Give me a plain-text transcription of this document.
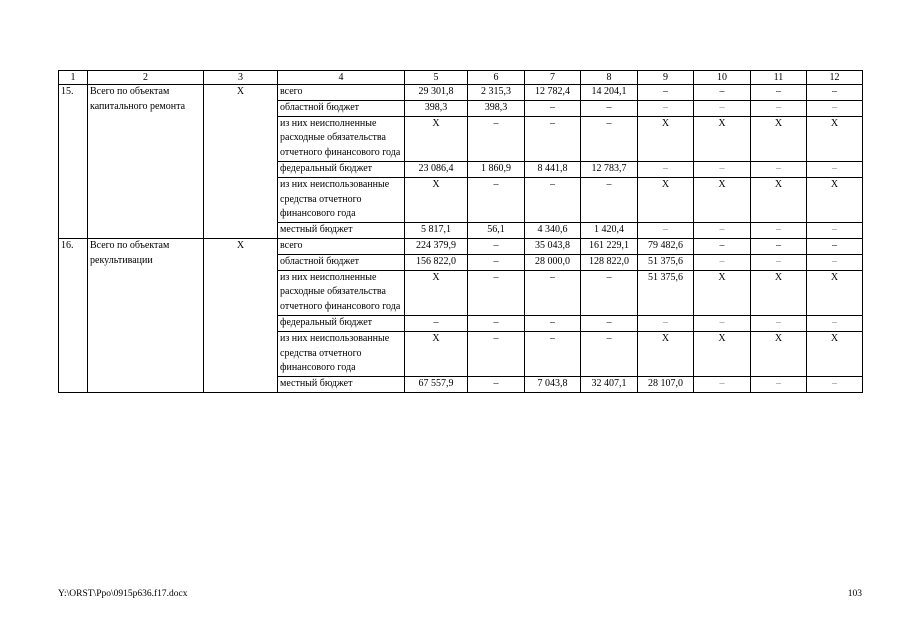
1	2	3	4	5	6	7	8	9	10	11	12
15.	Всего по объектам капитального ремонта	Х	всего	29 301,8	2 315,3	12 782,4	14 204,1	–	–	–	–
			областной бюджет	398,3	398,3	–	–	–	–	–	–
			из них неисполненные расходные обязательства отчетного финансового года	Х	–	–	–	Х	Х	Х	Х
			федеральный бюджет	23 086,4	1 860,9	8 441,8	12 783,7	–	–	–	–
			из них неиспользованные средства отчетного финансового года	Х	–	–	–	Х	Х	Х	Х
			местный бюджет	5 817,1	56,1	4 340,6	1 420,4	–	–	–	–
16.	Всего по объектам рекультивации	Х	всего	224 379,9	–	35 043,8	161 229,1	79 482,6	–	–	–
			областной бюджет	156 822,0	–	28 000,0	128 822,0	51 375,6	–	–	–
			из них неисполненные расходные обязательства отчетного финансового года	Х	–	–	–	51 375,6	Х	Х	Х
			федеральный бюджет	–	–	–	–	–	–	–	–
			из них неиспользованные средства отчетного финансового года	Х	–	–	–	Х	Х	Х	Х
			местный бюджет	67 557,9	–	7 043,8	32 407,1	28 107,0	–	–	–
Y:\ORST\Ppo\0915p636.f17.docx	103
